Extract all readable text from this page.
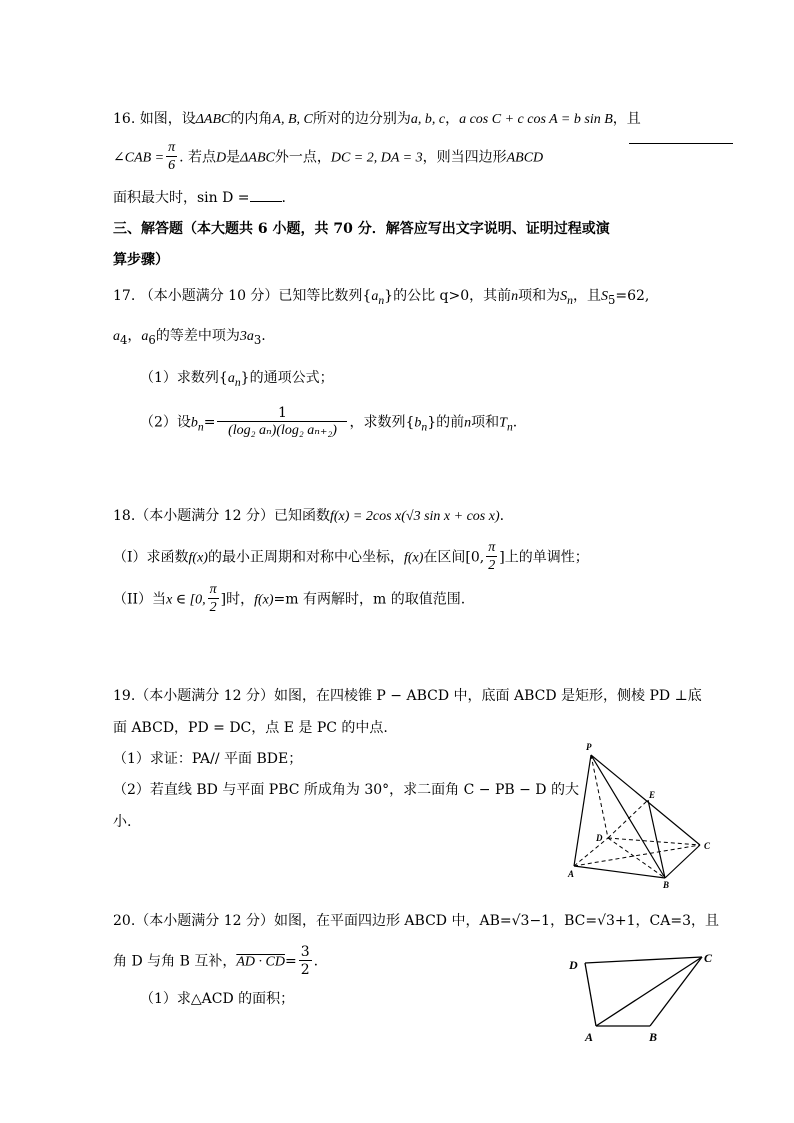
16. 如图，设ΔABC的内角A, B, C所对的边分别为a, b, c，a cos C + c cos A = b sin B，且
∠CAB = $\frac{\pi}{6}$ . 若点D是ΔABC外一点，DC = 2, DA = 3，则当四边形ABCD
面积最大时，sin D = .
三、解答题（本大题共 6 小题，共 70 分．解答应写出文字说明、证明过程或演
算步骤）
17. （本小题满分 10 分）已知等比数列$\{a_n\}$的公比 q>0，其前n项和为$S_n$，且$S_5=62$,
$a_4$，$a_6$的等差中项为$3a_3$.
（1）求数列$\{a_n\}$的通项公式；
（2）设$b_n= \frac{1}{\text{(log₂ aₙ)(log₂ aₙ₊₂)}}$ ，求数列$\{b_n\}$的前n项和$T_n$.
18.（本小题满分 12 分）已知函数f(x) = 2cos x(√3 sin x + cos x).
（I）求函数f(x)的最小正周期和对称中心坐标，f(x)在区间[0, $\frac{\pi}{2}$ ]上的单调性；
（II）当x ∈ [0, $\frac{\pi}{2}$ ]时，f(x)=m 有两解时，m 的取值范围.
19.（本小题满分 12 分）如图，在四棱锥 P − ABCD 中，底面 ABCD 是矩形，侧棱 PD ⊥底
面 ABCD，PD = DC，点 E 是 PC 的中点.
（1）求证：PA// 平面 BDE；
（2）若直线 BD 与平面 PBC 所成角为 30°，求二面角 C − PB − D 的大
小.
P
E
D
C
A
B
20.（本小题满分 12 分）如图，在平面四边形 ABCD 中，AB=√3−1，BC=√3+1，CA=3，且
角 D 与角 B 互补，AD · $CD= \frac{3}{2}$ .
（1）求△ACD 的面积；
D	C
A	B
